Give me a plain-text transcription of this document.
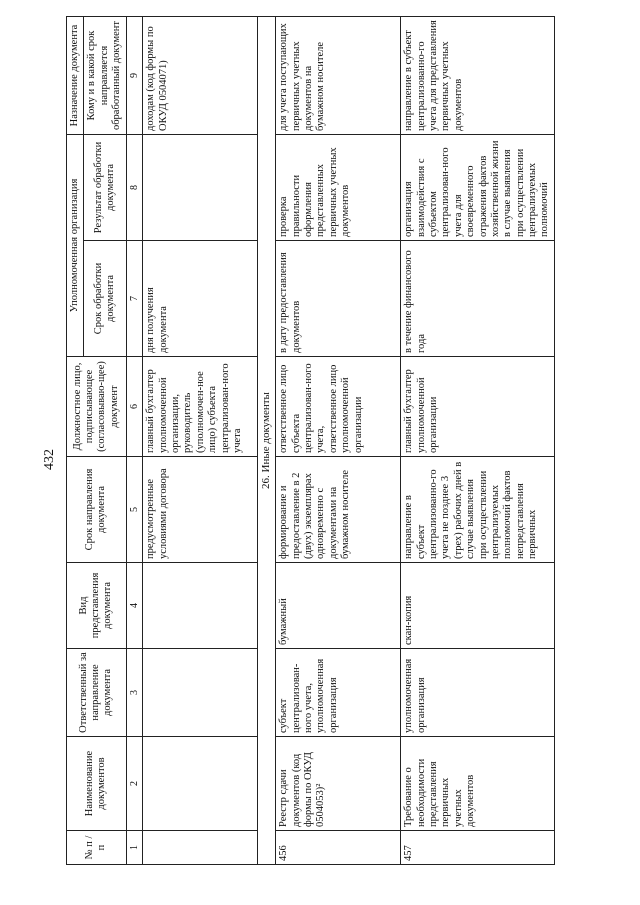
432
№ п / п	Наименование документов	Ответственный за направление документа	Вид представления документа	Срок направления документа	Должностное лицо, подписывающее (согласовываю-щее) документ	Уполномоченная организация		Назначение документа
						Срок обработки документа	Результат обработки документа	Кому и в какой срок направляется обработанный документ
1	2	3	4	5	6	7	8	9
				предусмотренные условиями договора	главный бухгалтер уполномоченной организации, руководитель (уполномочен-ное лицо) субъекта централизован-ного учета	дня получения документа		доходам (код формы по ОКУД 0504071)
26. Иные документы								
456	Реестр сдачи документов (код формы по ОКУД 0504053)²	субъект централизован-ного учета, уполномоченная организация	бумажный	формирование и предоставление в 2 (двух) экземплярах одновременно с документами на бумажном носителе	ответственное лицо субъекта централизован-ного учета, ответственное лицо уполномоченной организации	в дату предоставления документов	проверка правильности оформления представленных первичных учетных документов	для учета поступающих первичных учетных документов на бумажном носителе
457	Требование о необходимости представления первичных учетных документов	уполномоченная организация	скан-копия	направление в субъект централизованно-го учета не позднее 3 (трех) рабочих дней в случае выявления при осуществлении централизуемых полномочий фактов непредставления первичных	главный бухгалтер уполномоченной организации	в течение финансового года	организация взаимодействия с субъектом централизован-ного учета для своевременного отражения фактов хозяйственной жизни в случае выявления при осуществлении централизуемых полномочий	направление в субъект централизованно-го учета для представления первичных учетных документов
